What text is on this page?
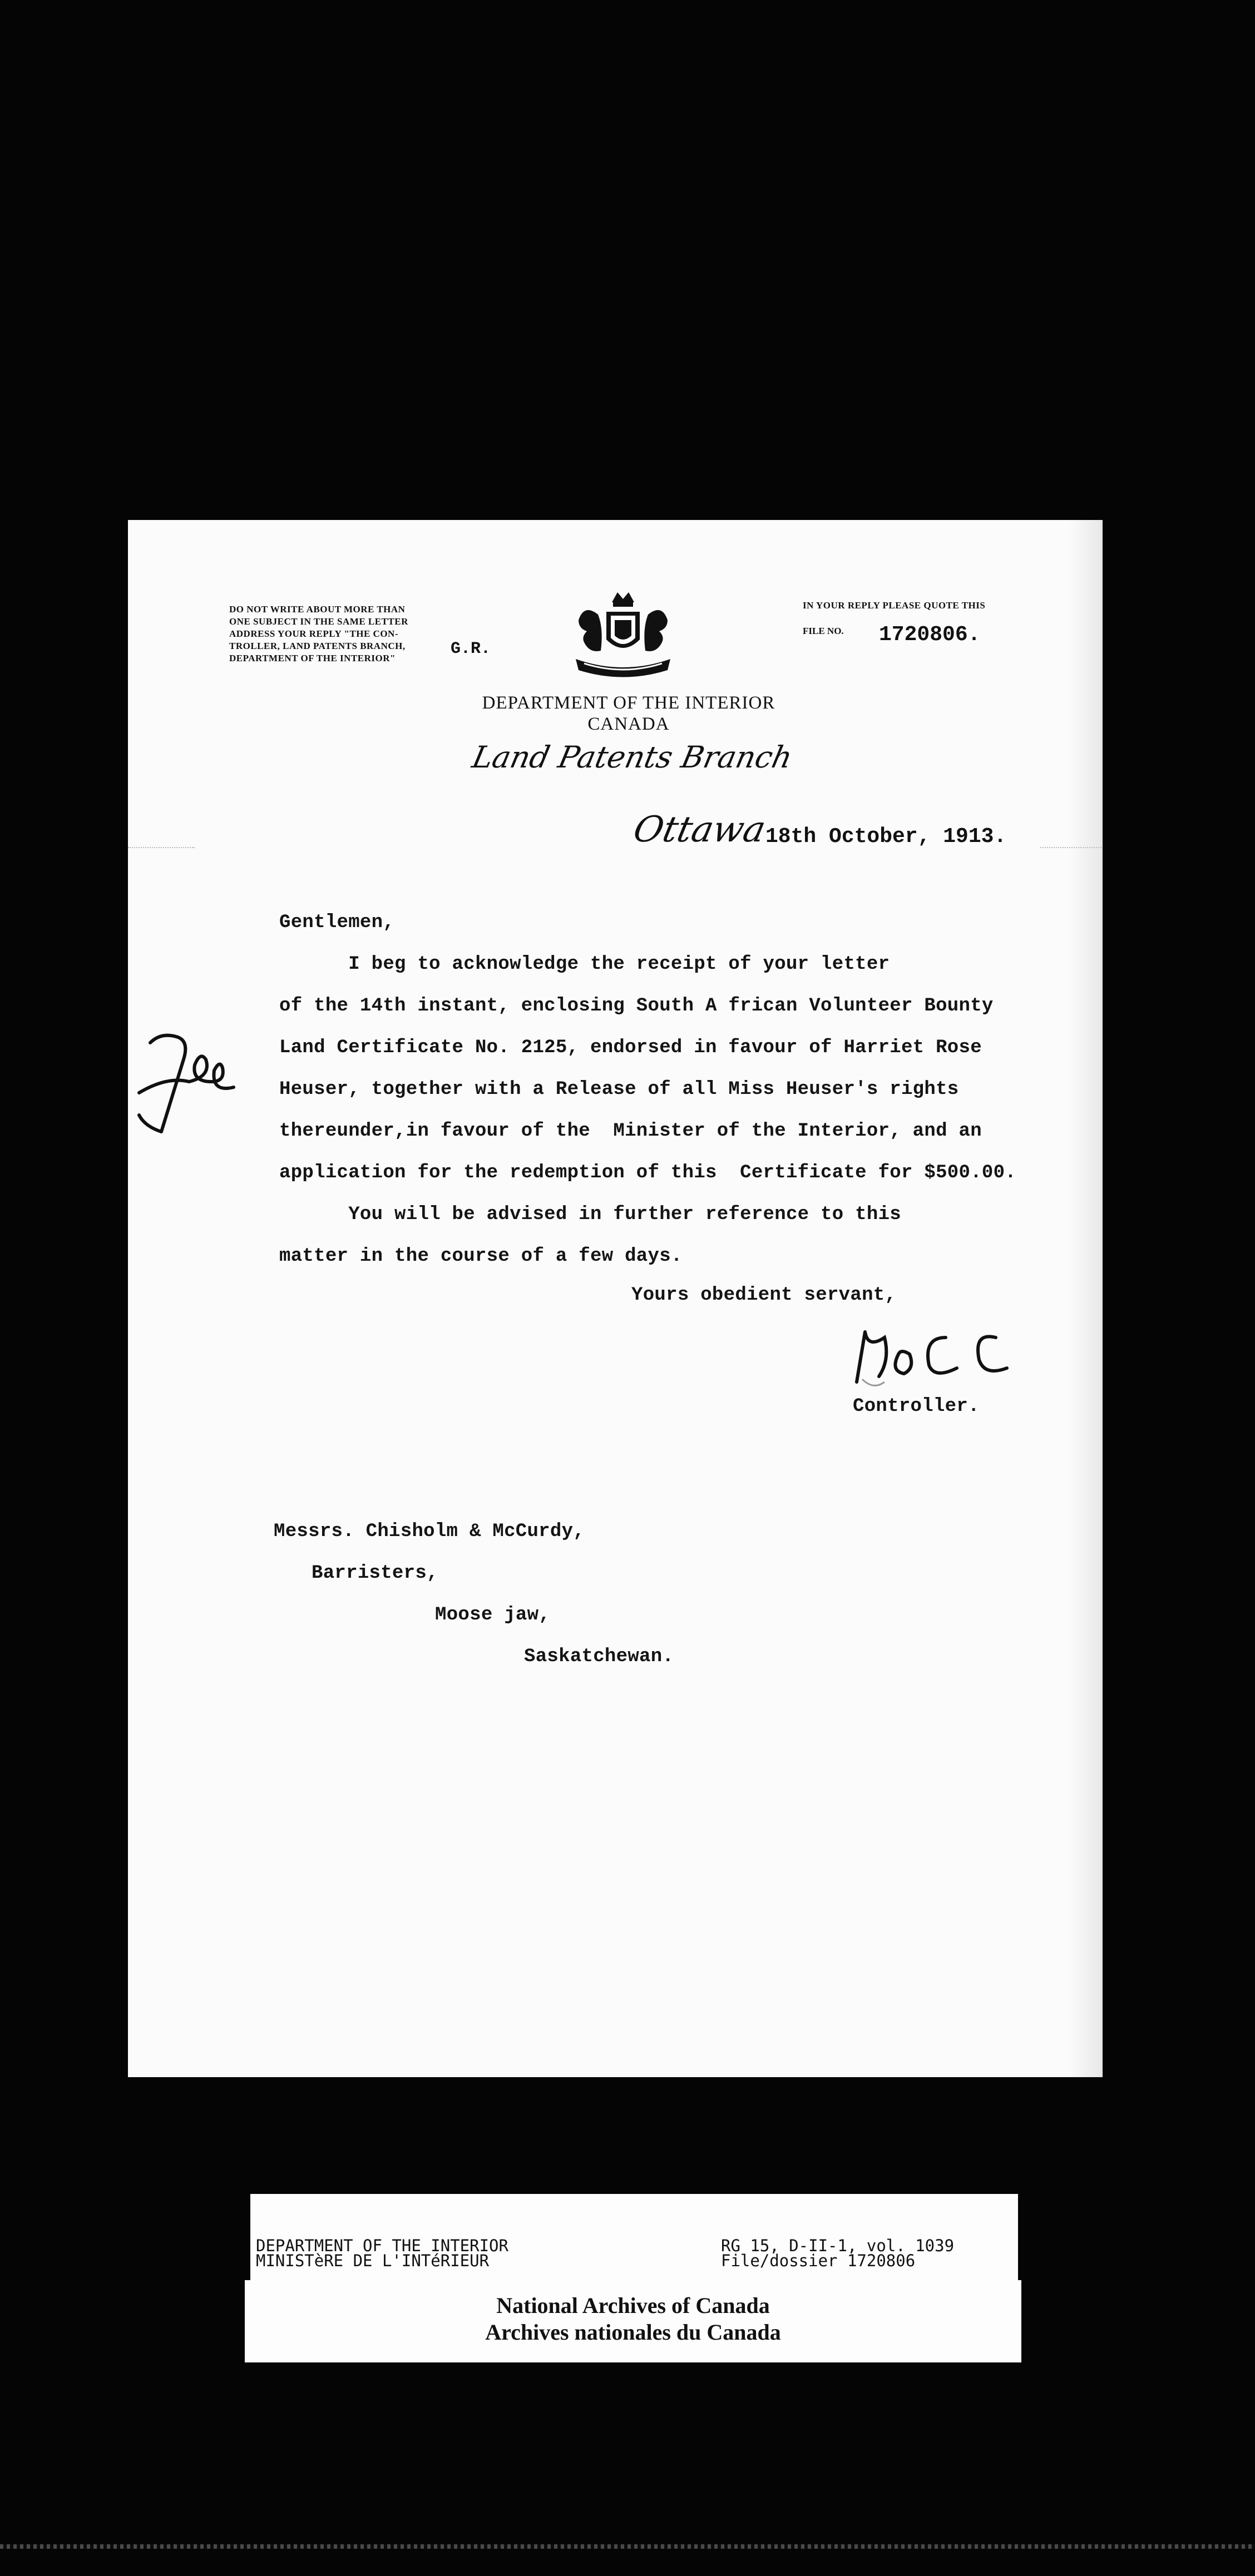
DO NOT WRITE ABOUT MORE THAN
ONE SUBJECT IN THE SAME LETTER
ADDRESS YOUR REPLY "THE CON-
TROLLER, LAND PATENTS BRANCH,
DEPARTMENT OF THE INTERIOR"	G.R.
IN YOUR REPLY PLEASE QUOTE THIS
FILE NO. 1720806.
DEPARTMENT OF THE INTERIOR
CANADA
Land Patents Branch
Ottawa
18th October, 1913.
Gentlemen,
I beg to acknowledge the receipt of your letter
of the 14th instant, enclosing South A frican Volunteer Bounty
Land Certificate No. 2125, endorsed in favour of Harriet Rose
Heuser, together with a Release of all Miss Heuser's rights
thereunder,in favour of the  Minister of the Interior, and an
application for the redemption of this  Certificate for $500.00.
You will be advised in further reference to this
matter in the course of a few days.
Yours obedient servant,
Controller.
Messrs. Chisholm & McCurdy,
Barristers,
Moose jaw,
Saskatchewan.
DEPARTMENT OF THE INTERIOR
MINISTèRE DE L'INTéRIEUR
RG 15, D-II-1, vol. 1039
File/dossier 1720806
National Archives of Canada
Archives nationales du Canada
